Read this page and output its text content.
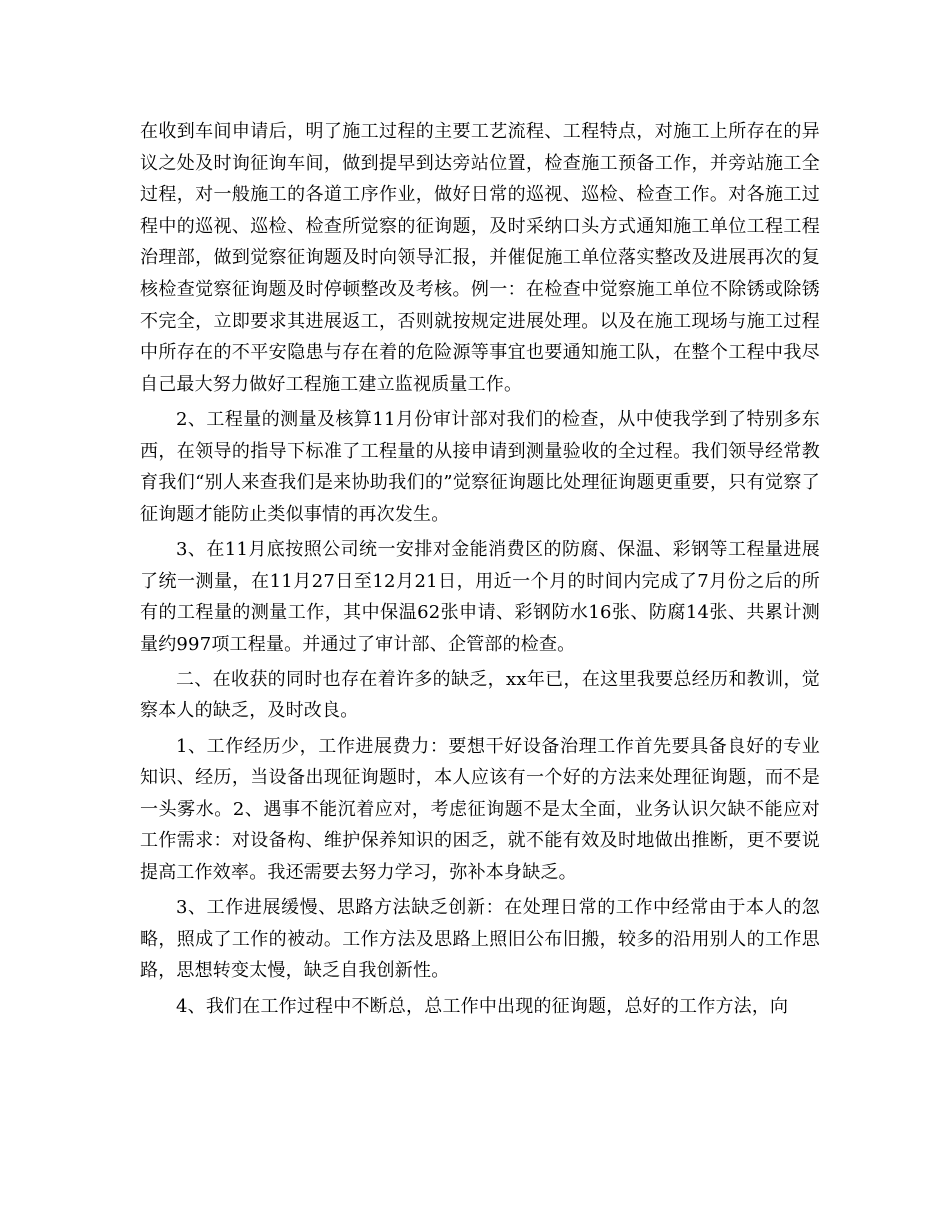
在收到车间申请后，明了施工过程的主要工艺流程、工程特点，对施工上所存在的异议之处及时询征询车间，做到提早到达旁站位置，检查施工预备工作，并旁站施工全过程，对一般施工的各道工序作业，做好日常的巡视、巡检、检查工作。对各施工过程中的巡视、巡检、检查所觉察的征询题，及时采纳口头方式通知施工单位工程工程治理部，做到觉察征询题及时向领导汇报，并催促施工单位落实整改及进展再次的复核检查觉察征询题及时停顿整改及考核。例一：在检查中觉察施工单位不除锈或除锈不完全，立即要求其进展返工，否则就按规定进展处理。以及在施工现场与施工过程中所存在的不平安隐患与存在着的危险源等事宜也要通知施工队，在整个工程中我尽自己最大努力做好工程施工建立监视质量工作。

2、工程量的测量及核算11月份审计部对我们的检查，从中使我学到了特别多东西，在领导的指导下标准了工程量的从接申请到测量验收的全过程。我们领导经常教育我们“别人来查我们是来协助我们的”觉察征询题比处理征询题更重要，只有觉察了征询题才能防止类似事情的再次发生。

3、在11月底按照公司统一安排对金能消费区的防腐、保温、彩钢等工程量进展了统一测量，在11月27日至12月21日，用近一个月的时间内完成了7月份之后的所有的工程量的测量工作，其中保温62张申请、彩钢防水16张、防腐14张、共累计测量约997项工程量。并通过了审计部、企管部的检查。

二、在收获的同时也存在着许多的缺乏，xx年已，在这里我要总经历和教训，觉察本人的缺乏，及时改良。

1、工作经历少，工作进展费力：要想干好设备治理工作首先要具备良好的专业知识、经历，当设备出现征询题时，本人应该有一个好的方法来处理征询题，而不是一头雾水。2、遇事不能沉着应对，考虑征询题不是太全面，业务认识欠缺不能应对工作需求：对设备构、维护保养知识的困乏，就不能有效及时地做出推断，更不要说提高工作效率。我还需要去努力学习，弥补本身缺乏。

3、工作进展缓慢、思路方法缺乏创新：在处理日常的工作中经常由于本人的忽略，照成了工作的被动。工作方法及思路上照旧公布旧搬，较多的沿用别人的工作思路，思想转变太慢，缺乏自我创新性。

4、我们在工作过程中不断总，总工作中出现的征询题，总好的工作方法，向
